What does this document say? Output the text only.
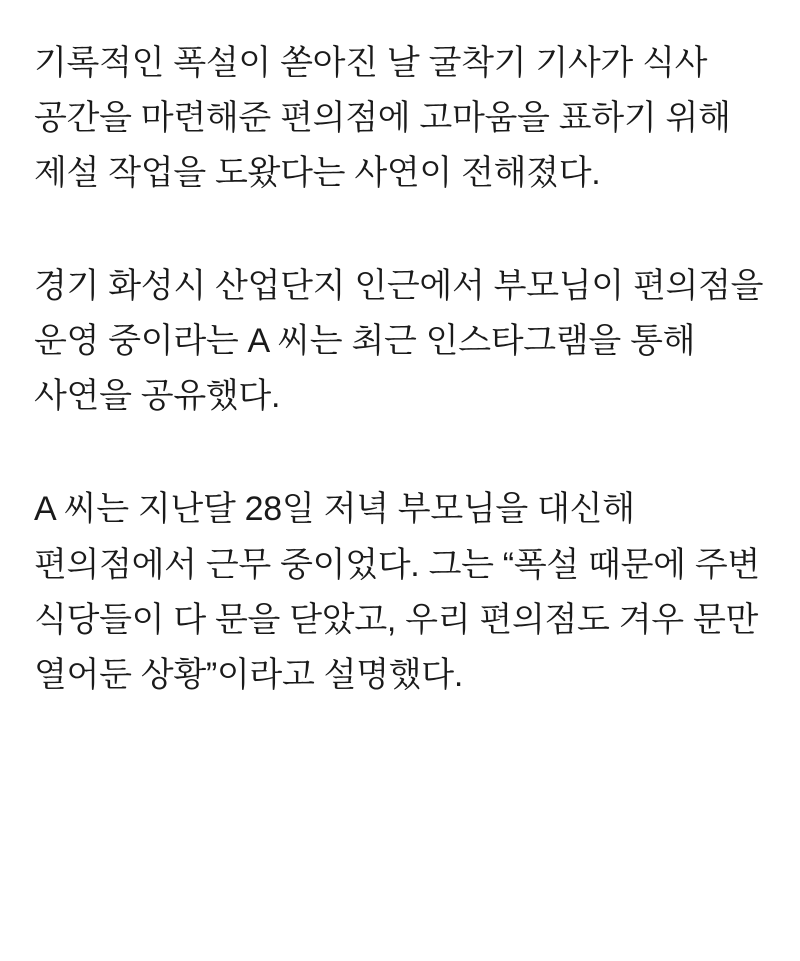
기록적인 폭설이 쏟아진 날 굴착기 기사가 식사 공간을 마련해준 편의점에 고마움을 표하기 위해 제설 작업을 도왔다는 사연이 전해졌다.

경기 화성시 산업단지 인근에서 부모님이 편의점을 운영 중이라는 A 씨는 최근 인스타그램을 통해 사연을 공유했다.

A 씨는 지난달 28일 저녁 부모님을 대신해 편의점에서 근무 중이었다. 그는 “폭설 때문에 주변 식당들이 다 문을 닫았고, 우리 편의점도 겨우 문만 열어둔 상황”이라고 설명했다.
